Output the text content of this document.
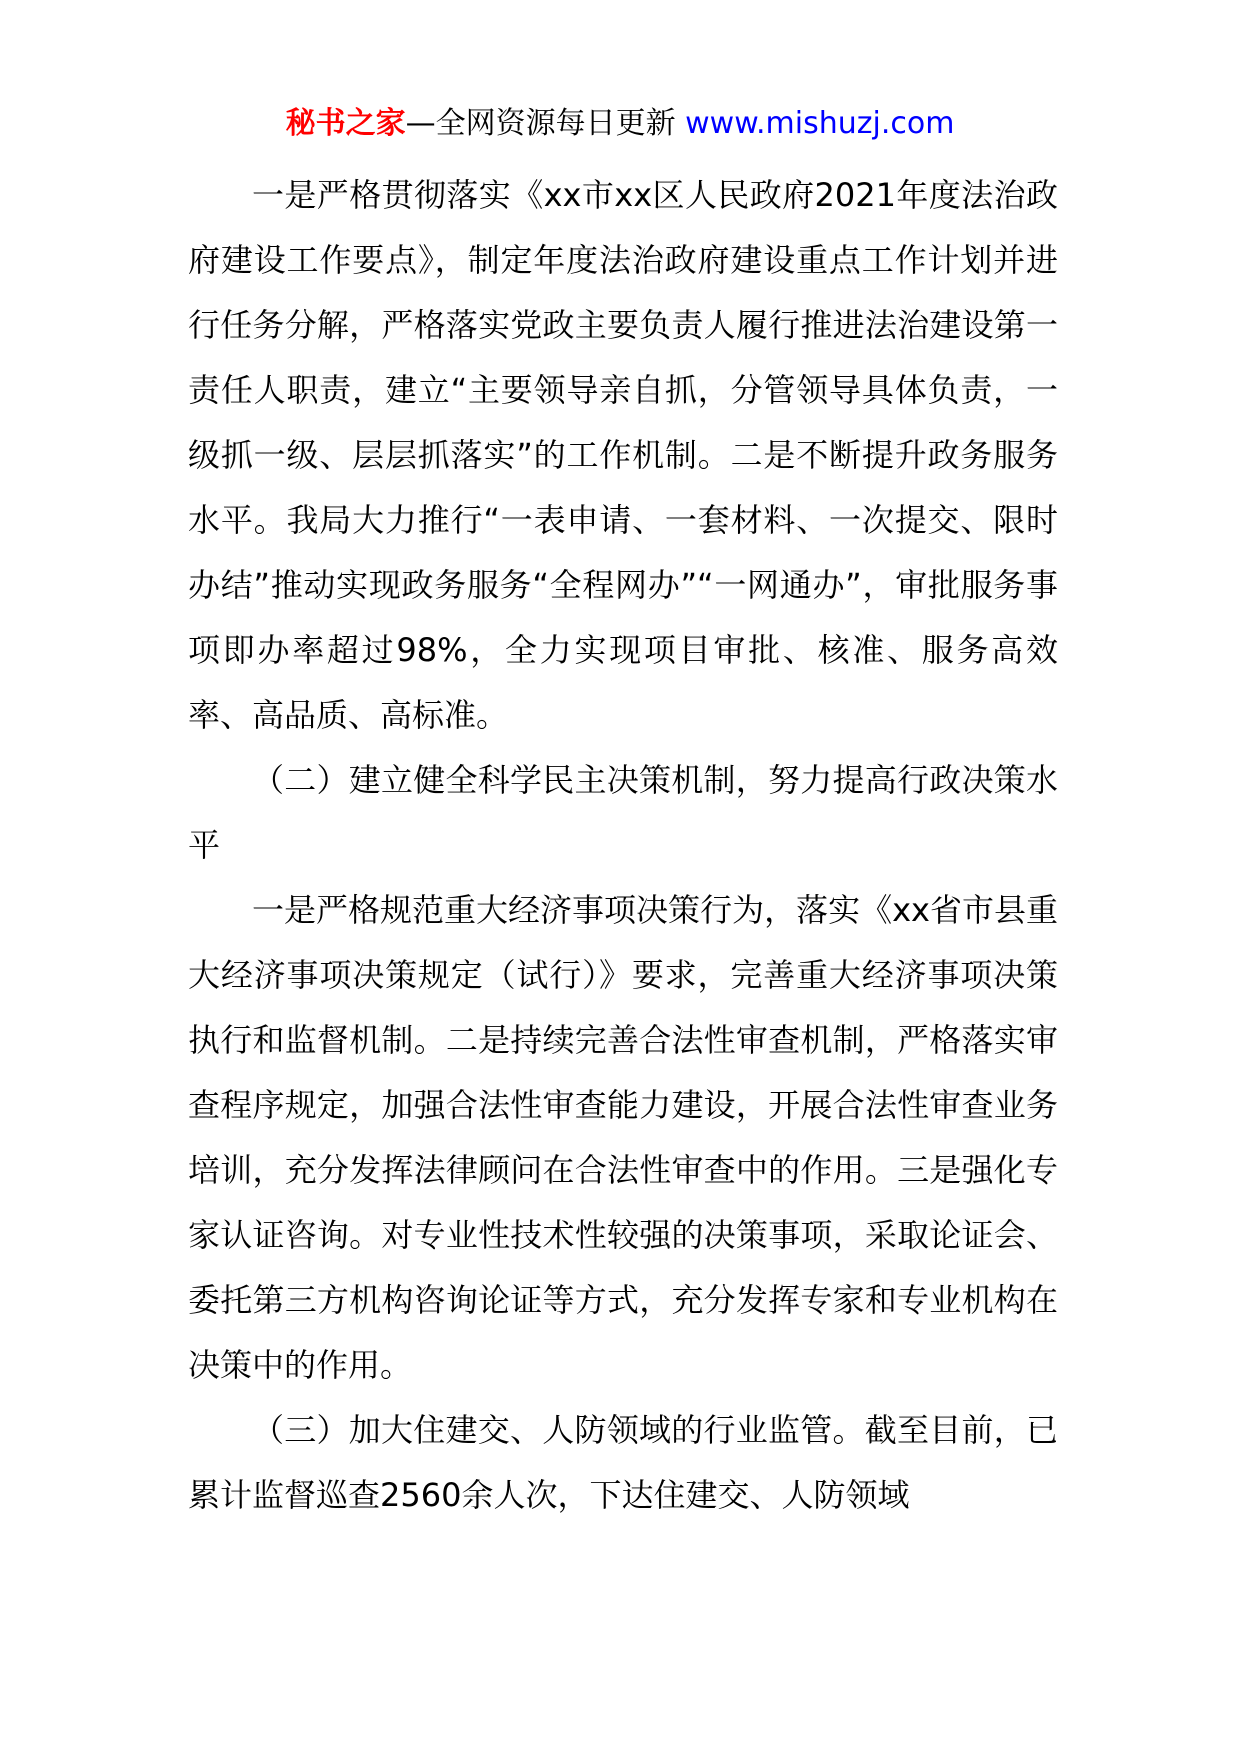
秘书之家—全网资源每日更新 www.mishuzj.com

一是严格贯彻落实《xx市xx区人民政府2021年度法治政府建设工作要点》，制定年度法治政府建设重点工作计划并进行任务分解，严格落实党政主要负责人履行推进法治建设第一责任人职责，建立“主要领导亲自抓，分管领导具体负责，一级抓一级、层层抓落实”的工作机制。二是不断提升政务服务水平。我局大力推行“一表申请、一套材料、一次提交、限时办结”推动实现政务服务“全程网办”“一网通办”，审批服务事项即办率超过98%，全力实现项目审批、核准、服务高效率、高品质、高标准。

（二）建立健全科学民主决策机制，努力提高行政决策水平

一是严格规范重大经济事项决策行为，落实《xx省市县重大经济事项决策规定（试行）》要求，完善重大经济事项决策执行和监督机制。二是持续完善合法性审查机制，严格落实审查程序规定，加强合法性审查能力建设，开展合法性审查业务培训，充分发挥法律顾问在合法性审查中的作用。三是强化专家认证咨询。对专业性技术性较强的决策事项，采取论证会、委托第三方机构咨询论证等方式，充分发挥专家和专业机构在决策中的作用。

（三）加大住建交、人防领域的行业监管。截至目前，已累计监督巡查2560余人次，下达住建交、人防领域
